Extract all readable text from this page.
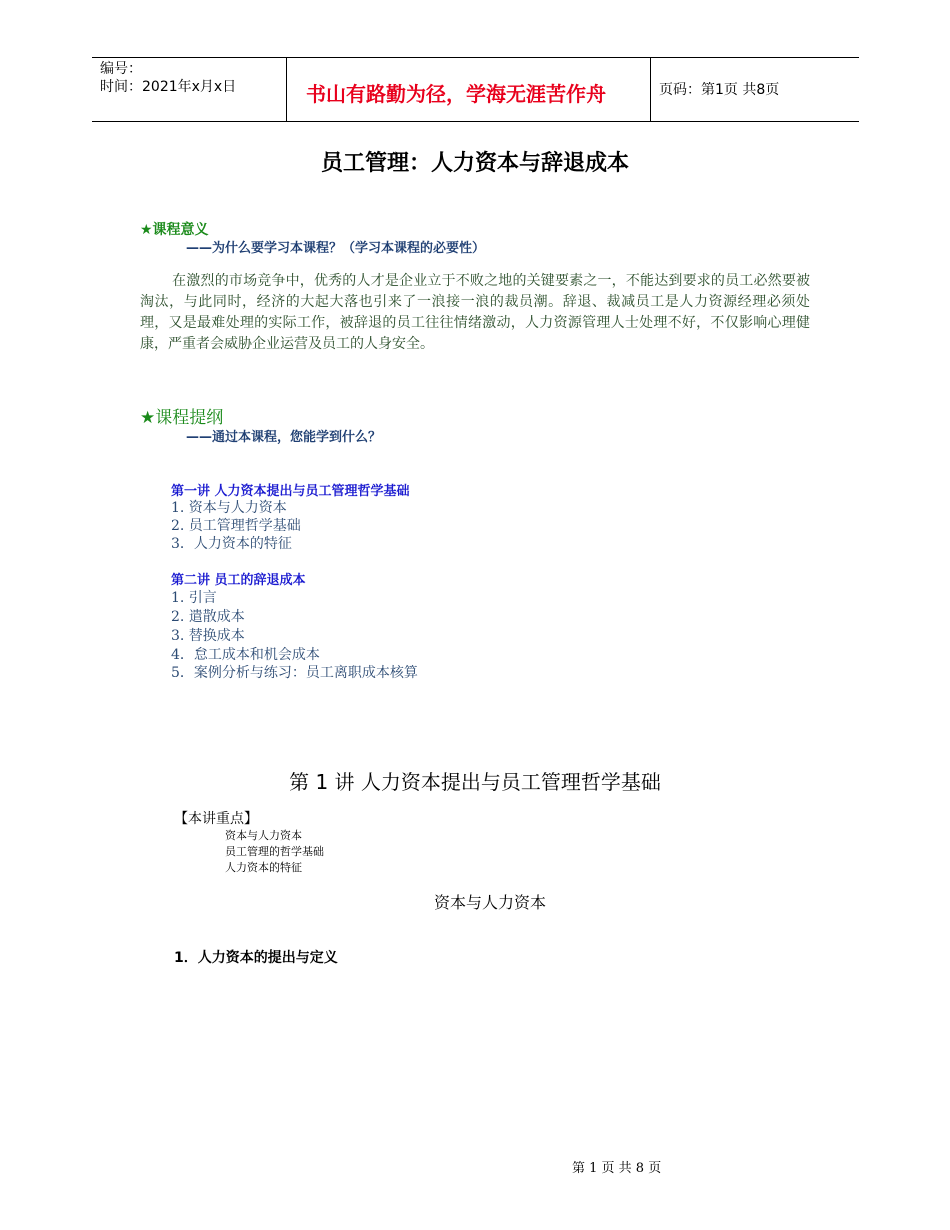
编号：
时间：2021年x月x日	书山有路勤为径，学海无涯苦作舟	页码：第1页 共8页
员工管理：人力资本与辞退成本
★课程意义
——为什么要学习本课程？（学习本课程的必要性）
在激烈的市场竞争中，优秀的人才是企业立于不败之地的关键要素之一，不能达到要求的员工必然要被淘汰，与此同时，经济的大起大落也引来了一浪接一浪的裁员潮。辞退、裁减员工是人力资源经理必须处理，又是最难处理的实际工作，被辞退的员工往往情绪激动，人力资源管理人士处理不好，不仅影响心理健康，严重者会威胁企业运营及员工的人身安全。
★课程提纲
——通过本课程，您能学到什么？
第一讲 人力资本提出与员工管理哲学基础
1. 资本与人力资本
2. 员工管理哲学基础
3．人力资本的特征
第二讲 员工的辞退成本
1. 引言
2. 遣散成本
3. 替换成本
4．怠工成本和机会成本
5．案例分析与练习：员工离职成本核算
第 1 讲 人力资本提出与员工管理哲学基础
【本讲重点】
资本与人力资本
员工管理的哲学基础
人力资本的特征
资本与人力资本
1．人力资本的提出与定义
第 1 页 共 8 页
